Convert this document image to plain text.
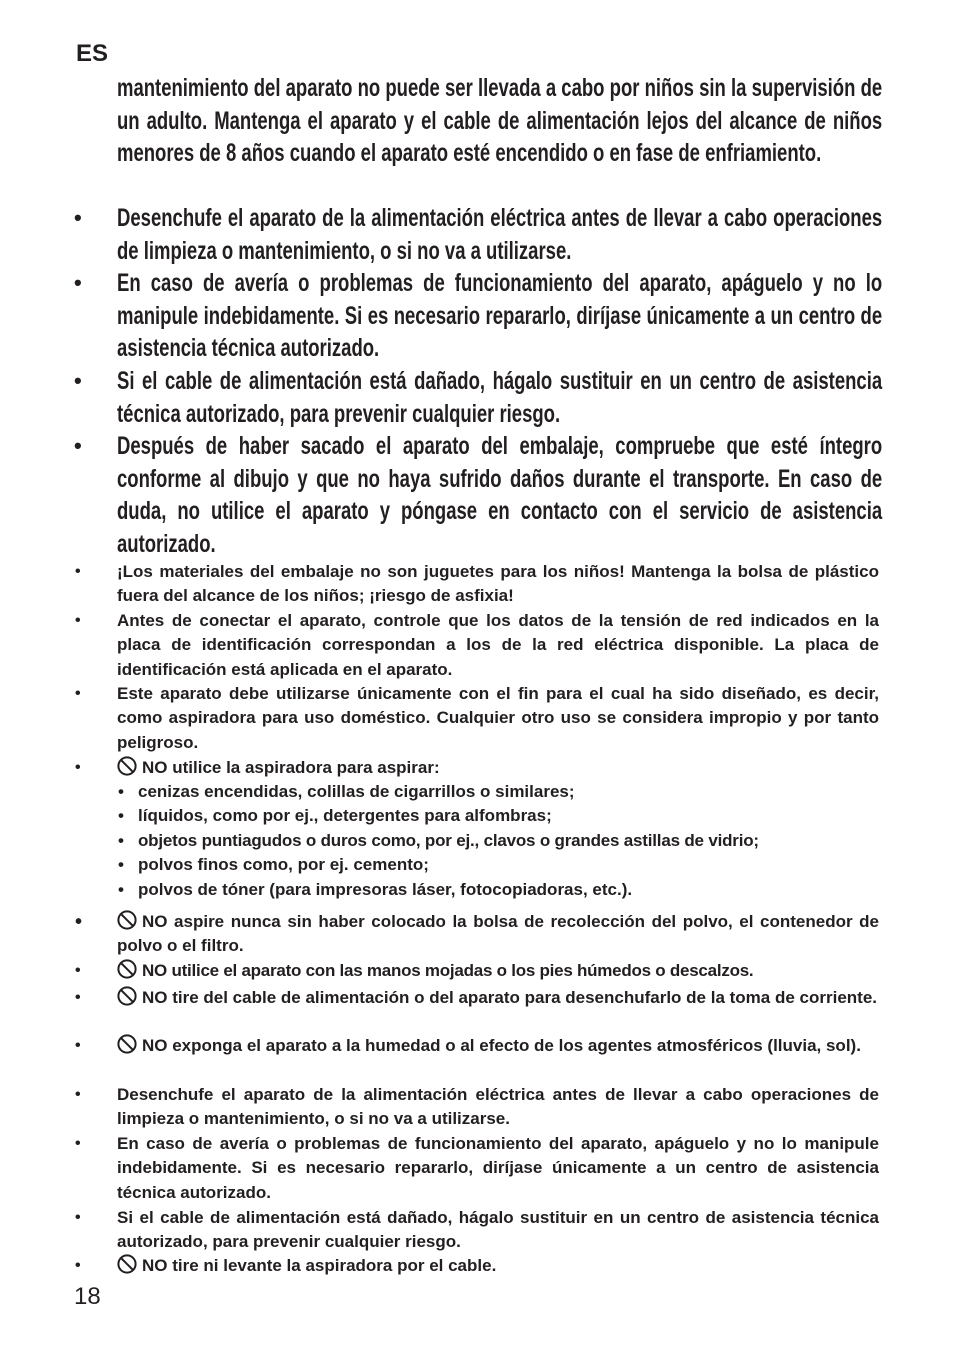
ES
mantenimiento del aparato no puede ser llevada a cabo por niños sin la supervisión de un adulto. Mantenga el aparato y el cable de alimentación lejos del alcance de niños menores de 8 años cuando el aparato esté encendido o en fase de enfriamiento.
• Desenchufe el aparato de la alimentación eléctrica antes de llevar a cabo operaciones de limpieza o mantenimiento, o si no va a utilizarse.
• En caso de avería o problemas de funcionamiento del aparato, apáguelo y no lo manipule indebidamente. Si es necesario repararlo, diríjase únicamente a un centro de asistencia técnica autorizado.
• Si el cable de alimentación está dañado, hágalo sustituir en un centro de asistencia técnica autorizado, para prevenir cualquier riesgo.
• Después de haber sacado el aparato del embalaje, compruebe que esté íntegro conforme al dibujo y que no haya sufrido daños durante el transporte. En caso de duda, no utilice el aparato y póngase en contacto con el servicio de asistencia autorizado.
• ¡Los materiales del embalaje no son juguetes para los niños! Mantenga la bolsa de plástico fuera del alcance de los niños; ¡riesgo de asfixia!
• Antes de conectar el aparato, controle que los datos de la tensión de red indicados en la placa de identificación correspondan a los de la red eléctrica disponible. La placa de identificación está aplicada en el aparato.
• Este aparato debe utilizarse únicamente con el fin para el cual ha sido diseñado, es decir, como aspiradora para uso doméstico. Cualquier otro uso se considera impropio y por tanto peligroso.
•	NO utilice la aspiradora para aspirar:
• cenizas encendidas, colillas de cigarrillos o similares;
• líquidos, como por ej., detergentes para alfombras;
• objetos puntiagudos o duros como, por ej., clavos o grandes astillas de vidrio;
• polvos finos como, por ej. cemento;
• polvos de tóner (para impresoras láser, fotocopiadoras, etc.).
•	NO aspire nunca sin haber colocado la bolsa de recolección del polvo, el contenedor de polvo o el filtro.
•	NO utilice el aparato con las manos mojadas o los pies húmedos o descalzos.
•	NO tire del cable de alimentación o del aparato para desenchufarlo de la toma de corriente.
•	NO exponga el aparato a la humedad o al efecto de los agentes atmosféricos (lluvia, sol).
• Desenchufe el aparato de la alimentación eléctrica antes de llevar a cabo operaciones de limpieza o mantenimiento, o si no va a utilizarse.
• En caso de avería o problemas de funcionamiento del aparato, apáguelo y no lo manipule indebidamente. Si es necesario repararlo, diríjase únicamente a un centro de asistencia técnica autorizado.
• Si el cable de alimentación está dañado, hágalo sustituir en un centro de asistencia técnica autorizado, para prevenir cualquier riesgo.
•	NO tire ni levante la aspiradora por el cable.
18
